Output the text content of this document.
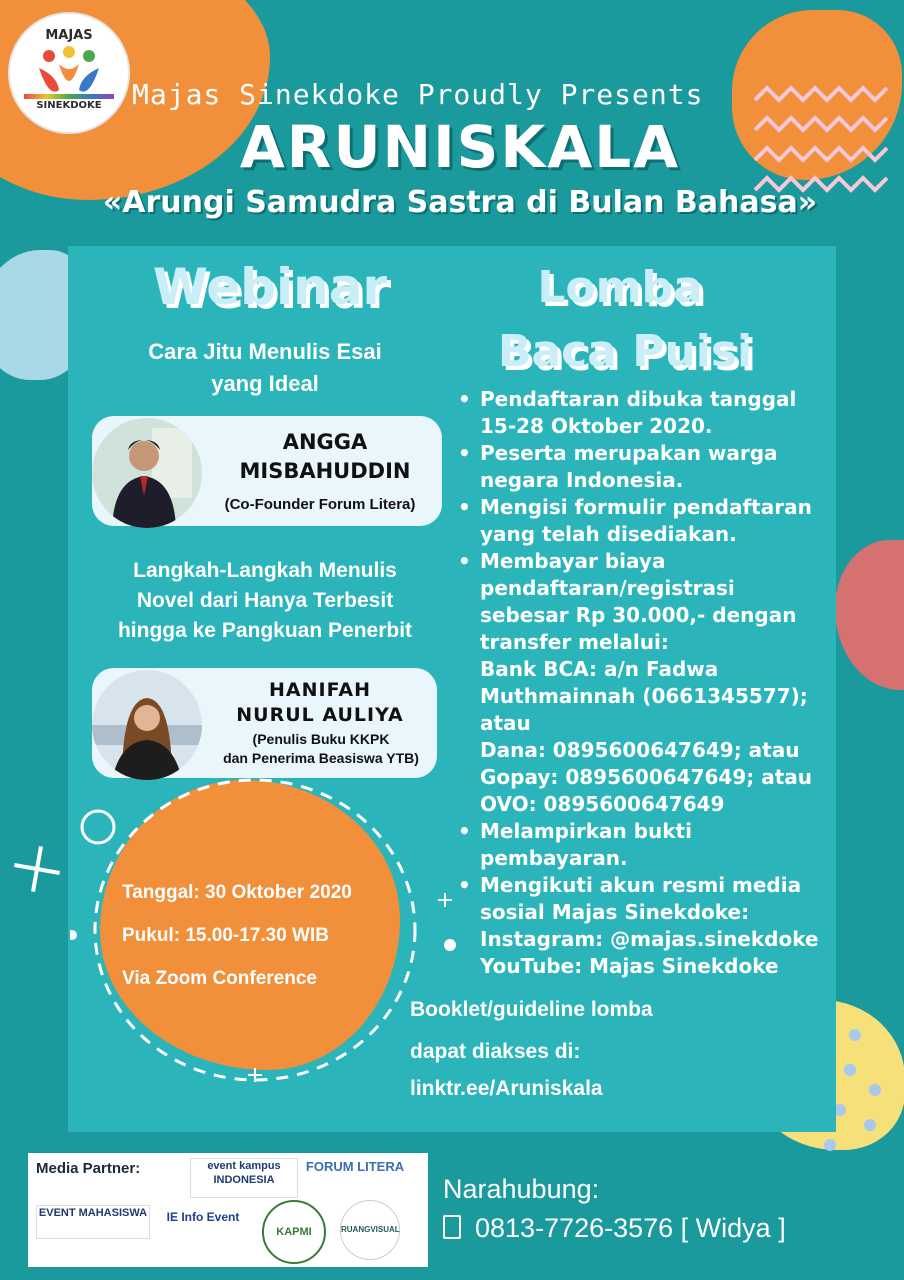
MAJAS
SINEKDOKE	Majas Sinekdoke Proudly Presents
ARUNISKALA
«Arungi Samudra Sastra di Bulan Bahasa»
Webinar
Cara Jitu Menulis Esai
yang Ideal
ANGGA
MISBAHUDDIN
(Co-Founder Forum Litera)
Langkah-Langkah Menulis
Novel dari Hanya Terbesit
hingga ke Pangkuan Penerbit
HANIFAH
NURUL AULIYA
(Penulis Buku KKPK
dan Penerima Beasiswa YTB)
Tanggal: 30 Oktober 2020
Pukul: 15.00-17.30 WIB
Via Zoom Conference
Lomba
Baca Puisi
• Pendaftaran dibuka tanggal
15-28 Oktober 2020.
• Peserta merupakan warga
negara Indonesia.
• Mengisi formulir pendaftaran
yang telah disediakan.
• Membayar biaya
pendaftaran/registrasi
sebesar Rp 30.000,- dengan
transfer melalui:
Bank BCA: a/n Fadwa
Muthmainnah (0661345577);
atau
Dana: 0895600647649; atau
Gopay: 0895600647649; atau
OVO: 0895600647649
• Melampirkan bukti
pembayaran.
• Mengikuti akun resmi media
sosial Majas Sinekdoke:
Instagram: @majas.sinekdoke
YouTube: Majas Sinekdoke
Booklet/guideline lomba
dapat diakses di:
linktr.ee/Aruniskala
Media Partner:	event kampus INDONESIA
FORUM LITERA
EVENT MAHASISWA IE Info Event
KAPMI	RUANGVISUAL
Narahubung:
0813-7726-3576 [ Widya ]
